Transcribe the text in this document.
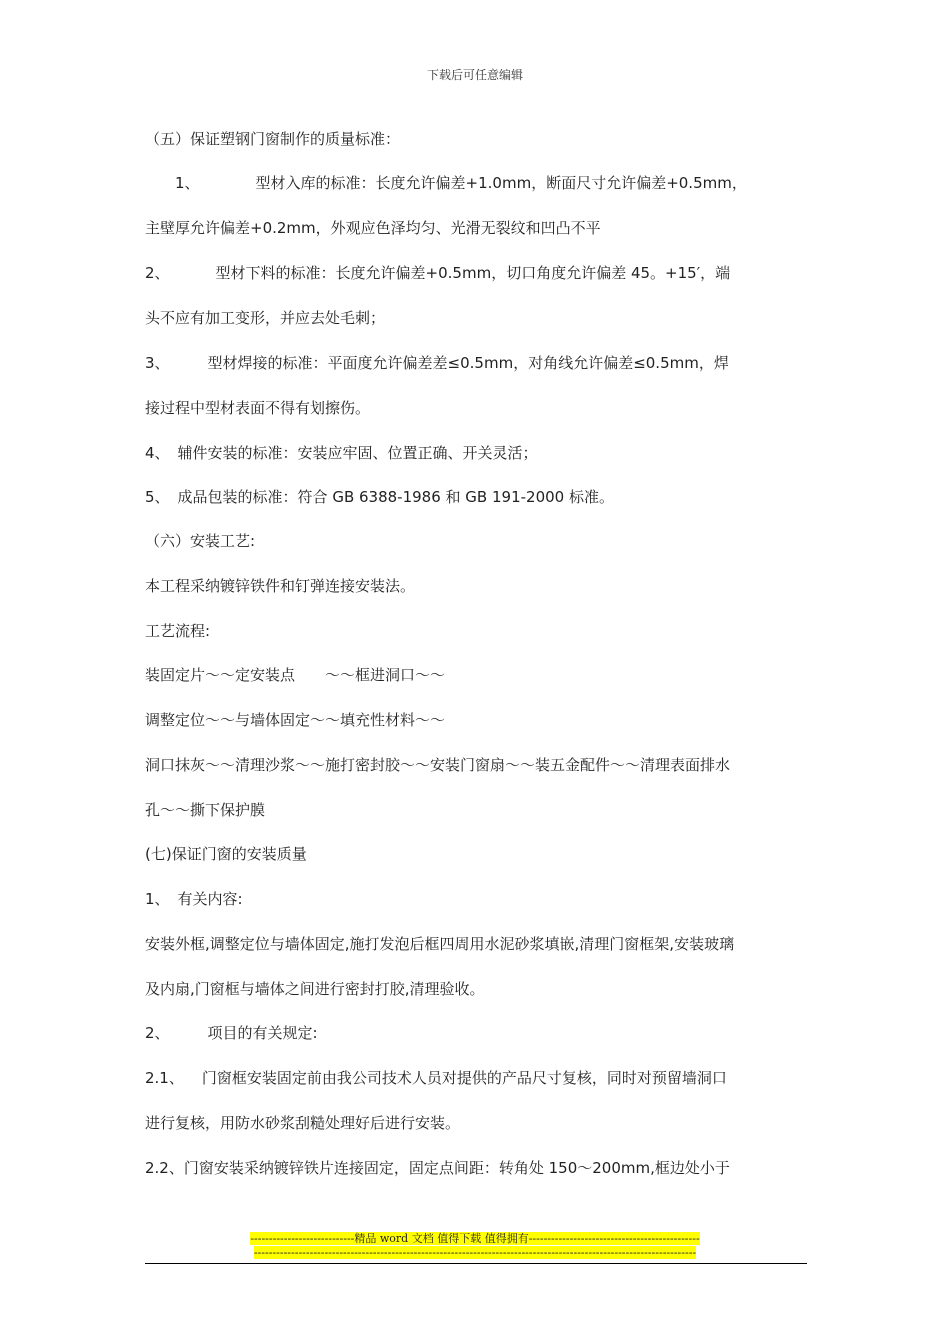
下载后可任意编辑
（五）保证塑钢门窗制作的质量标准：
1、	型材入库的标准：长度允许偏差+1.0mm，断面尺寸允许偏差+0.5mm，
主壁厚允许偏差+0.2mm，外观应色泽均匀、光滑无裂纹和凹凸不平
2、	型材下料的标准：长度允许偏差+0.5mm，切口角度允许偏差 45。+15′，端
头不应有加工变形，并应去处毛刺；
3、	型材焊接的标准：平面度允许偏差差≤0.5mm，对角线允许偏差≤0.5mm，焊
接过程中型材表面不得有划擦伤。
4、 辅件安装的标准：安装应牢固、位置正确、开关灵活；
5、 成品包装的标准：符合 GB 6388-1986 和 GB 191-2000 标准。
（六）安装工艺:
本工程采纳镀锌铁件和钉弹连接安装法。
工艺流程:
装固定片～～定安装点　　～～框进洞口～～
调整定位～～与墙体固定～～填充性材料～～
洞口抹灰～～清理沙浆～～施打密封胶～～安装门窗扇～～装五金配件～～清理表面排水
孔～～撕下保护膜
(七)保证门窗的安装质量
1、 有关内容:
安装外框,调整定位与墙体固定,施打发泡后框四周用水泥砂浆填嵌,清理门窗框架,安装玻璃
及内扇,门窗框与墙体之间进行密封打胶,清理验收。
2、	项目的有关规定:
2.1、 门窗框安装固定前由我公司技术人员对提供的产品尺寸复核，同时对预留墙洞口
进行复核，用防水砂浆刮糙处理好后进行安装。
2.2、门窗安装采纳镀锌铁片连接固定，固定点间距：转角处 150～200mm,框边处小于
----------------------------精品 word 文档 值得下载 值得拥有----------------------------------------------
-----------------------------------------------------------------------------------------------------------------------
